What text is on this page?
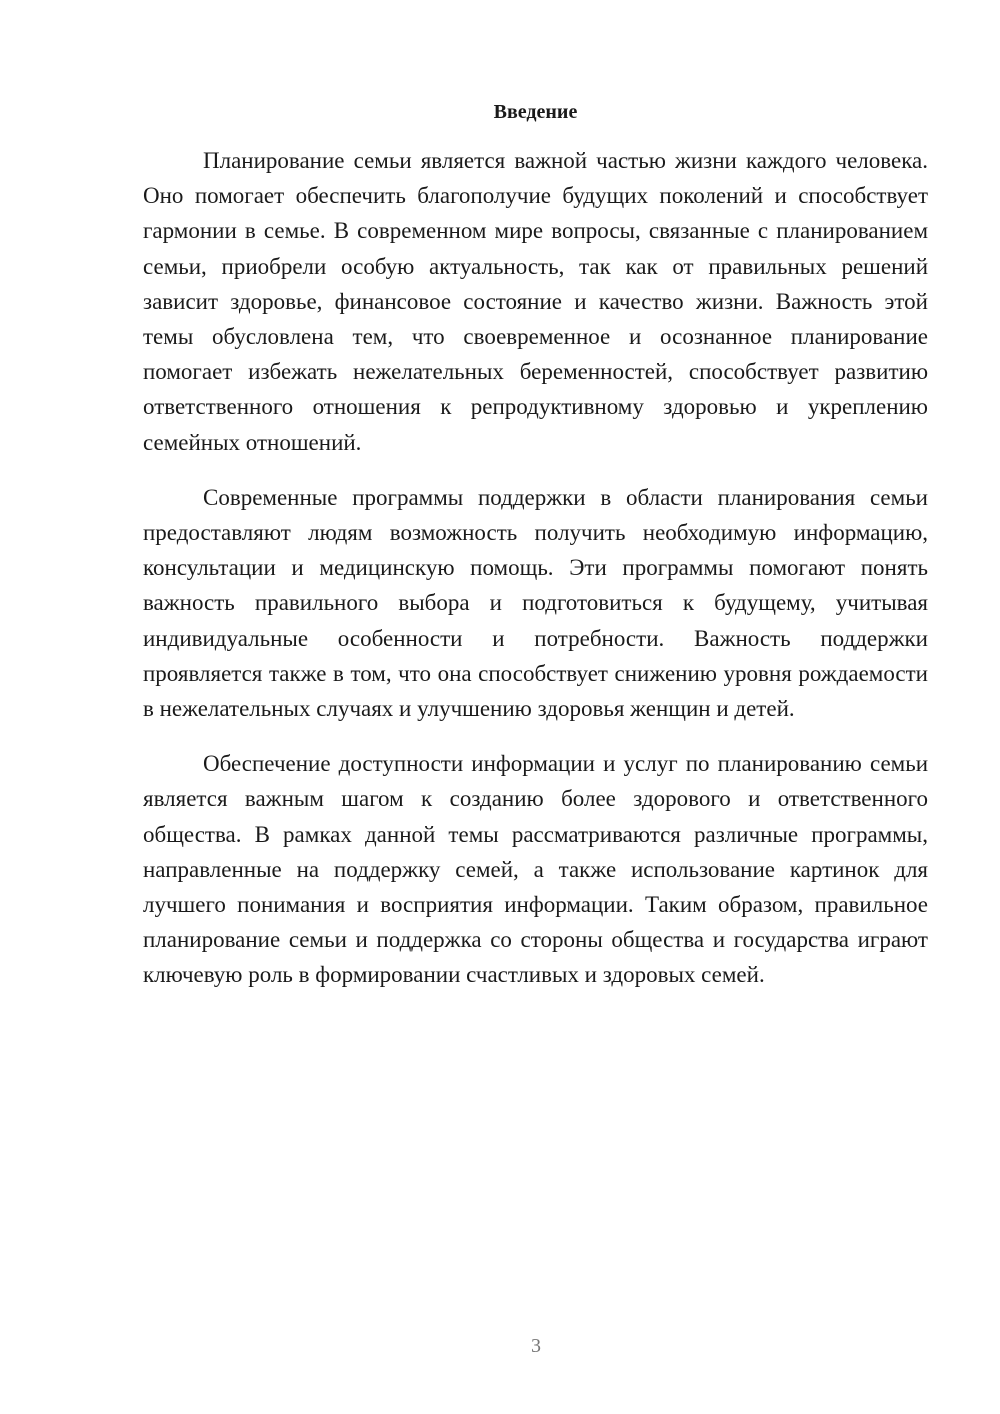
Введение

Планирование семьи является важной частью жизни каждого человека. Оно помогает обеспечить благополучие будущих поколений и способствует гармонии в семье. В современном мире вопросы, связанные с планированием семьи, приобрели особую актуальность, так как от правильных решений зависит здоровье, финансовое состояние и качество жизни. Важность этой темы обусловлена тем, что своевременное и осознанное планирование помогает избежать нежелательных беременностей, способствует развитию ответственного отношения к репродуктивному здоровью и укреплению семейных отношений.

Современные программы поддержки в области планирования семьи предоставляют людям возможность получить необходимую информацию, консультации и медицинскую помощь. Эти программы помогают понять важность правильного выбора и подготовиться к будущему, учитывая индивидуальные особенности и потребности. Важность поддержки проявляется также в том, что она способствует снижению уровня рождаемости в нежелательных случаях и улучшению здоровья женщин и детей.

Обеспечение доступности информации и услуг по планированию семьи является важным шагом к созданию более здорового и ответственного общества. В рамках данной темы рассматриваются различные программы, направленные на поддержку семей, а также использование картинок для лучшего понимания и восприятия информации. Таким образом, правильное планирование семьи и поддержка со стороны общества и государства играют ключевую роль в формировании счастливых и здоровых семей.

3
